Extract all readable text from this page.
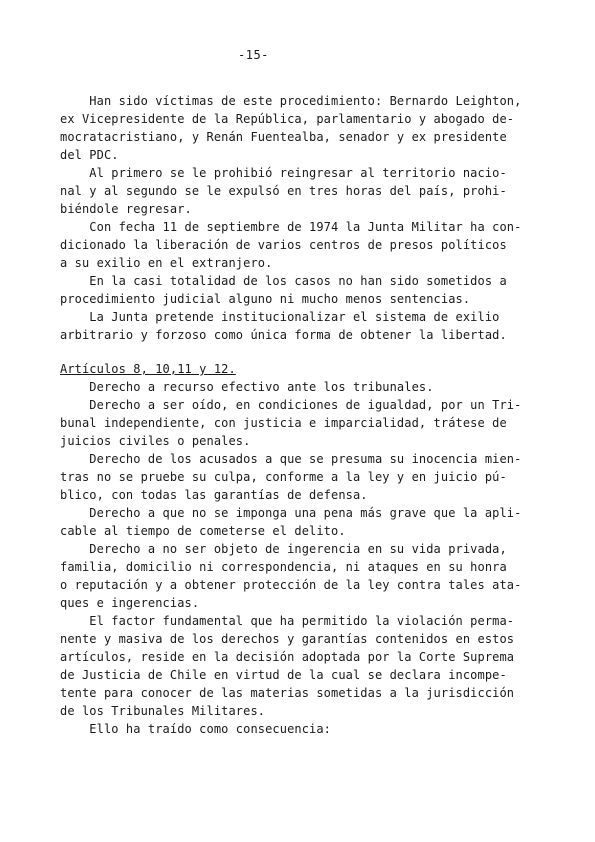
-15-
Han sido víctimas de este procedimiento: Bernardo Leighton,
ex Vicepresidente de la República, parlamentario y abogado de-
mocratacristiano, y Renán Fuentealba, senador y ex presidente
del PDC.
Al primero se le prohibió reingresar al territorio nacio-
nal y al segundo se le expulsó en tres horas del país, prohi-
biéndole regresar.
Con fecha 11 de septiembre de 1974 la Junta Militar ha con-
dicionado la liberación de varios centros de presos políticos
a su exilio en el extranjero.
En la casi totalidad de los casos no han sido sometidos a
procedimiento judicial alguno ni mucho menos sentencias.
La Junta pretende institucionalizar el sistema de exilio
arbitrario y forzoso como única forma de obtener la libertad.
Artículos 8, 10,11 y 12.
Derecho a recurso efectivo ante los tribunales.
Derecho a ser oído, en condiciones de igualdad, por un Tri-
bunal independiente, con justicia e imparcialidad, trátese de
juicios civiles o penales.
Derecho de los acusados a que se presuma su inocencia mien-
tras no se pruebe su culpa, conforme a la ley y en juicio pú-
blico, con todas las garantías de defensa.
Derecho a que no se imponga una pena más grave que la apli-
cable al tiempo de cometerse el delito.
Derecho a no ser objeto de ingerencia en su vida privada,
familia, domicilio ni correspondencia, ni ataques en su honra
o reputación y a obtener protección de la ley contra tales ata-
ques e ingerencias.
El factor fundamental que ha permitido la violación perma-
nente y masiva de los derechos y garantías contenidos en estos
artículos, reside en la decisión adoptada por la Corte Suprema
de Justicia de Chile en virtud de la cual se declara incompe-
tente para conocer de las materias sometidas a la jurisdicción
de los Tribunales Militares.
Ello ha traído como consecuencia:
